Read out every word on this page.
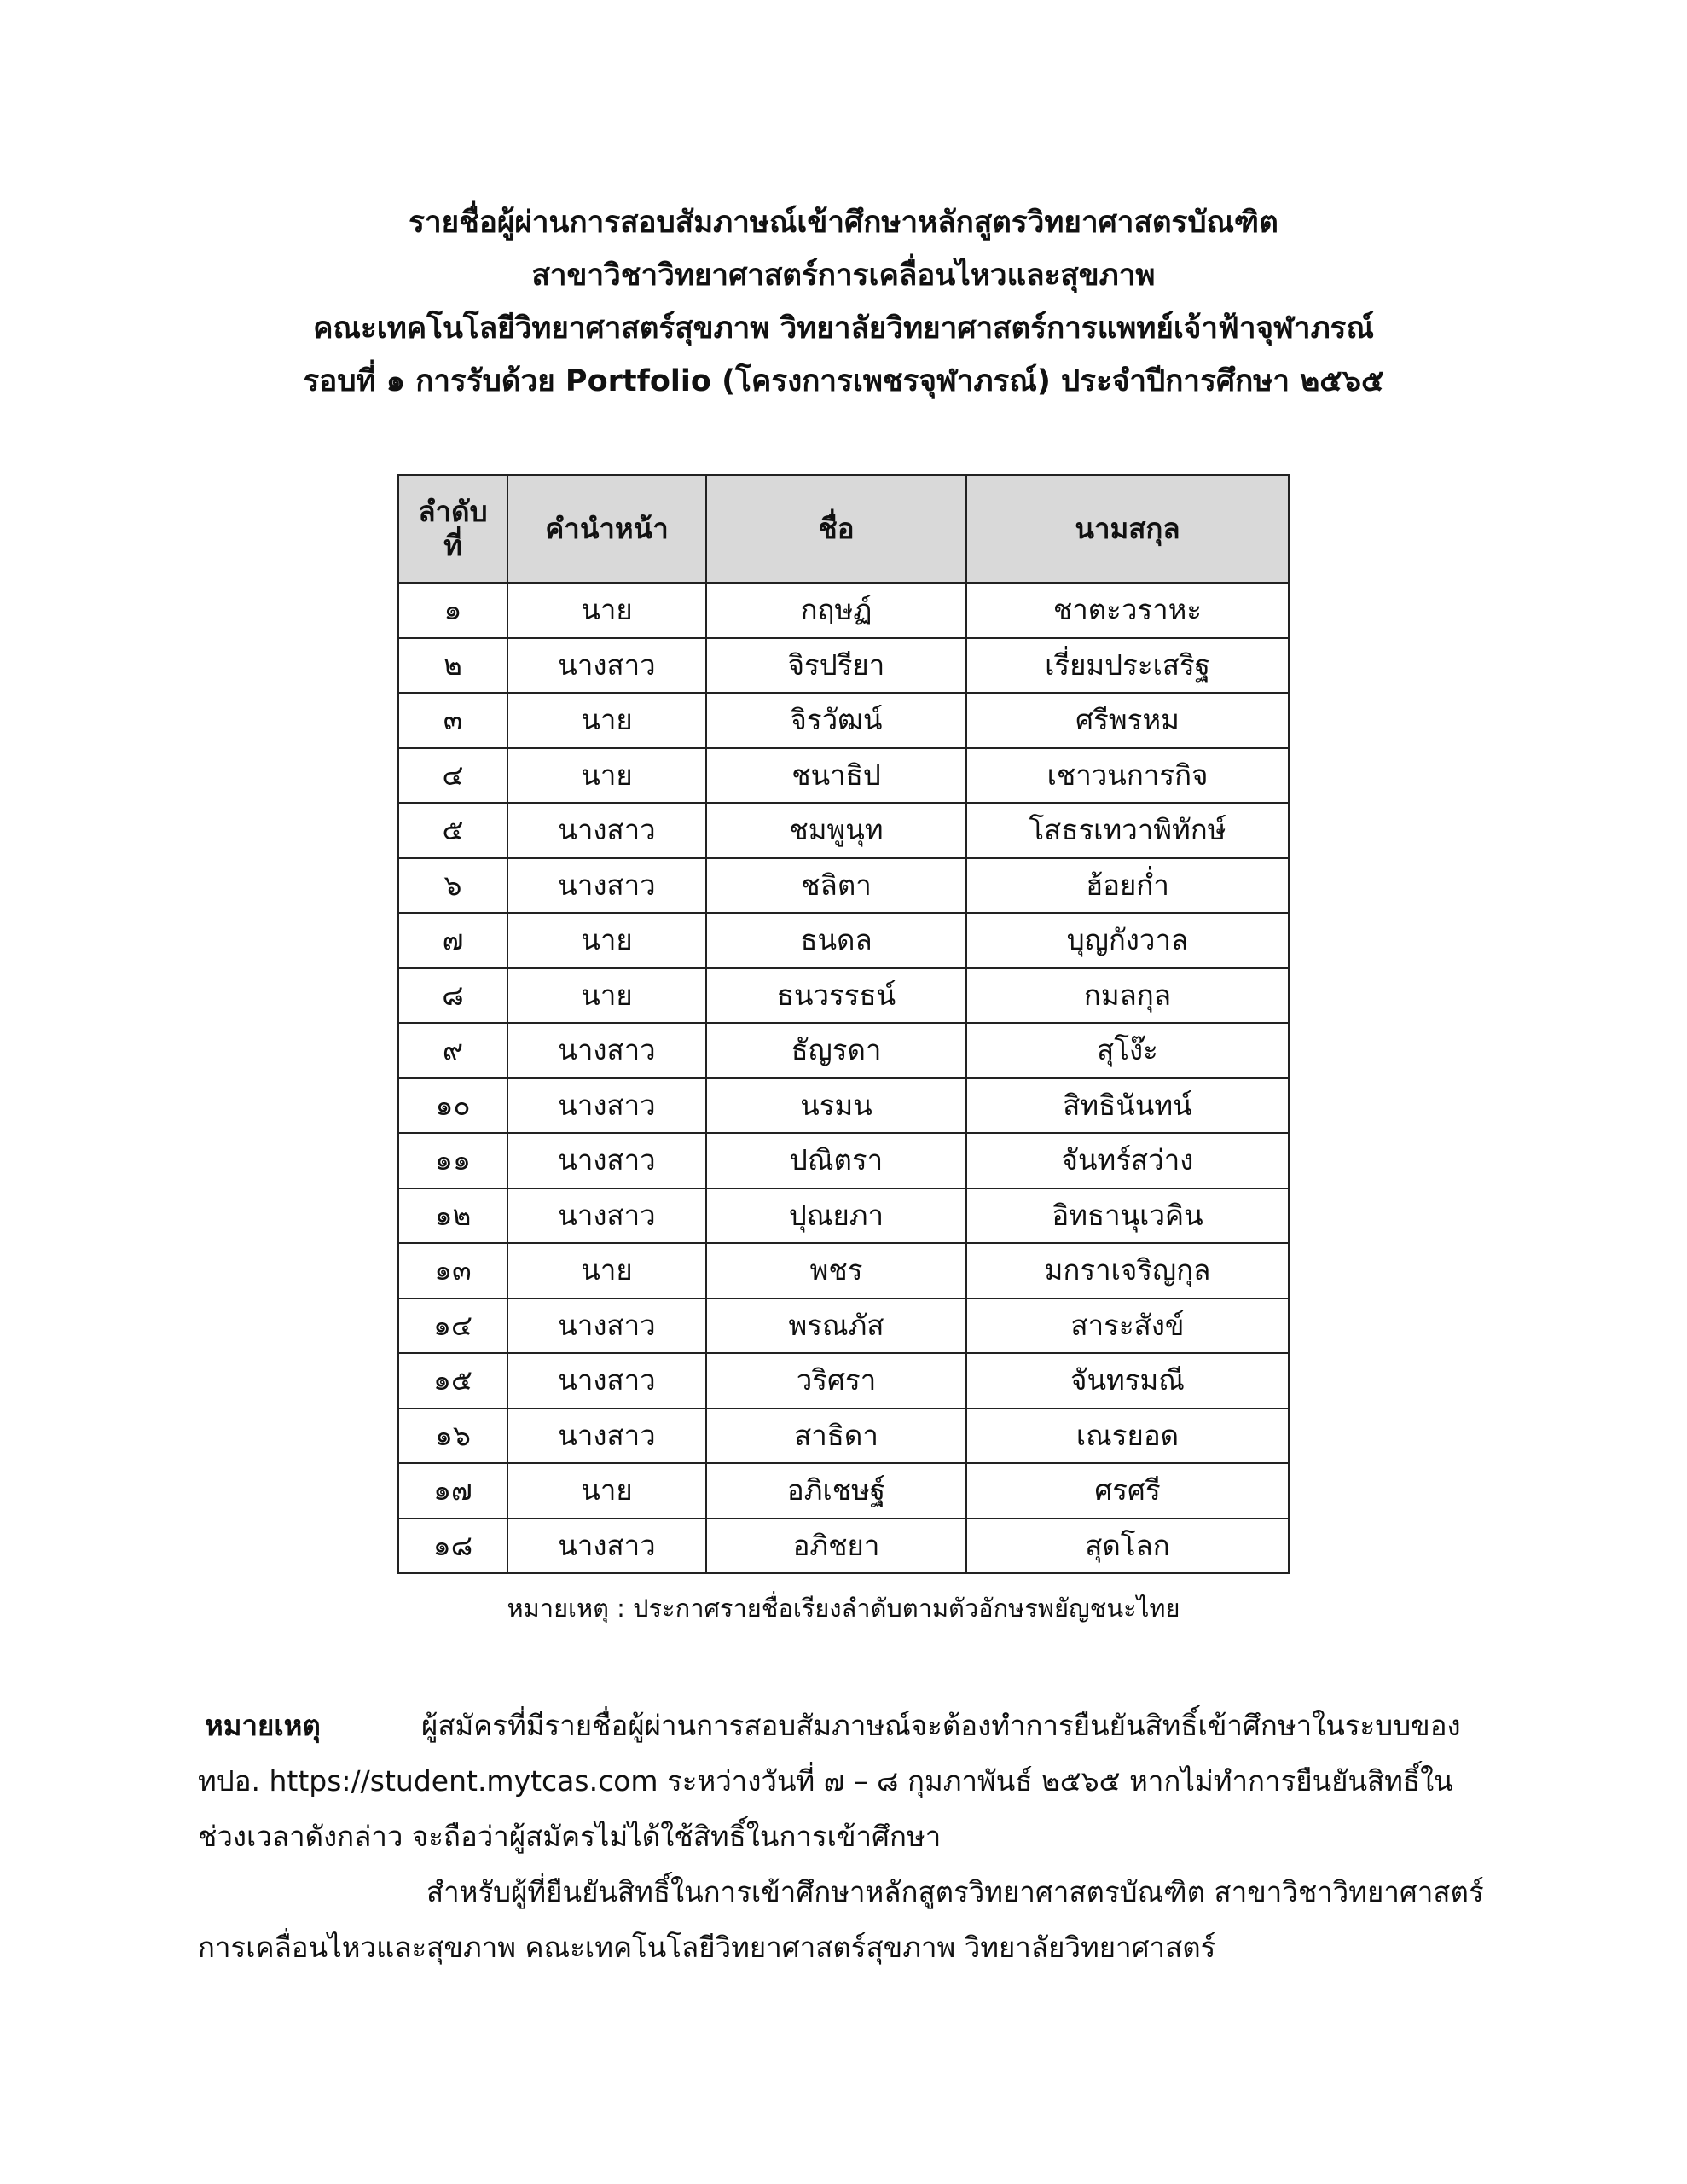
รายชื่อผู้ผ่านการสอบสัมภาษณ์เข้าศึกษาหลักสูตรวิทยาศาสตรบัณฑิต
สาขาวิชาวิทยาศาสตร์การเคลื่อนไหวและสุขภาพ
คณะเทคโนโลยีวิทยาศาสตร์สุขภาพ วิทยาลัยวิทยาศาสตร์การแพทย์เจ้าฟ้าจุฬาภรณ์
รอบที่ ๑ การรับด้วย Portfolio (โครงการเพชรจุฬาภรณ์) ประจำปีการศึกษา ๒๕๖๕
ลำดับ
ที่	คำนำหน้า	ชื่อ	นามสกุล
๑	นาย	กฤษฏ์	ชาตะวราหะ
๒	นางสาว	จิรปรียา	เรี่ยมประเสริฐ
๓	นาย	จิรวัฒน์	ศรีพรหม
๔	นาย	ชนาธิป	เชาวนการกิจ
๕	นางสาว	ชมพูนุท	โสธรเทวาพิทักษ์
๖	นางสาว	ชลิตา	ฮ้อยก่ำ
๗	นาย	ธนดล	บุญกังวาล
๘	นาย	ธนวรรธน์	กมลกุล
๙	นางสาว	ธัญรดา	สุโง๊ะ
๑๐	นางสาว	นรมน	สิทธินันทน์
๑๑	นางสาว	ปณิตรา	จันทร์สว่าง
๑๒	นางสาว	ปุณยภา	อิทธานุเวคิน
๑๓	นาย	พชร	มกราเจริญกุล
๑๔	นางสาว	พรณภัส	สาระสังข์
๑๕	นางสาว	วริศรา	จันทรมณี
๑๖	นางสาว	สาธิดา	เณรยอด
๑๗	นาย	อภิเชษฐ์	ศรศรี
๑๘	นางสาว	อภิชยา	สุดโลก
หมายเหตุ : ประกาศรายชื่อเรียงลำดับตามตัวอักษรพยัญชนะไทย

หมายเหตุ	ผู้สมัครที่มีรายชื่อผู้ผ่านการสอบสัมภาษณ์จะต้องทำการยืนยันสิทธิ์เข้าศึกษาในระบบของ ทปอ. https://student.mytcas.com ระหว่างวันที่ ๗ – ๘ กุมภาพันธ์ ๒๕๖๕ หากไม่ทำการยืนยันสิทธิ์ในช่วงเวลาดังกล่าว จะถือว่าผู้สมัครไม่ได้ใช้สิทธิ์ในการเข้าศึกษา

สำหรับผู้ที่ยืนยันสิทธิ์ในการเข้าศึกษาหลักสูตรวิทยาศาสตรบัณฑิต สาขาวิชาวิทยาศาสตร์การเคลื่อนไหวและสุขภาพ คณะเทคโนโลยีวิทยาศาสตร์สุขภาพ วิทยาลัยวิทยาศาสตร์
